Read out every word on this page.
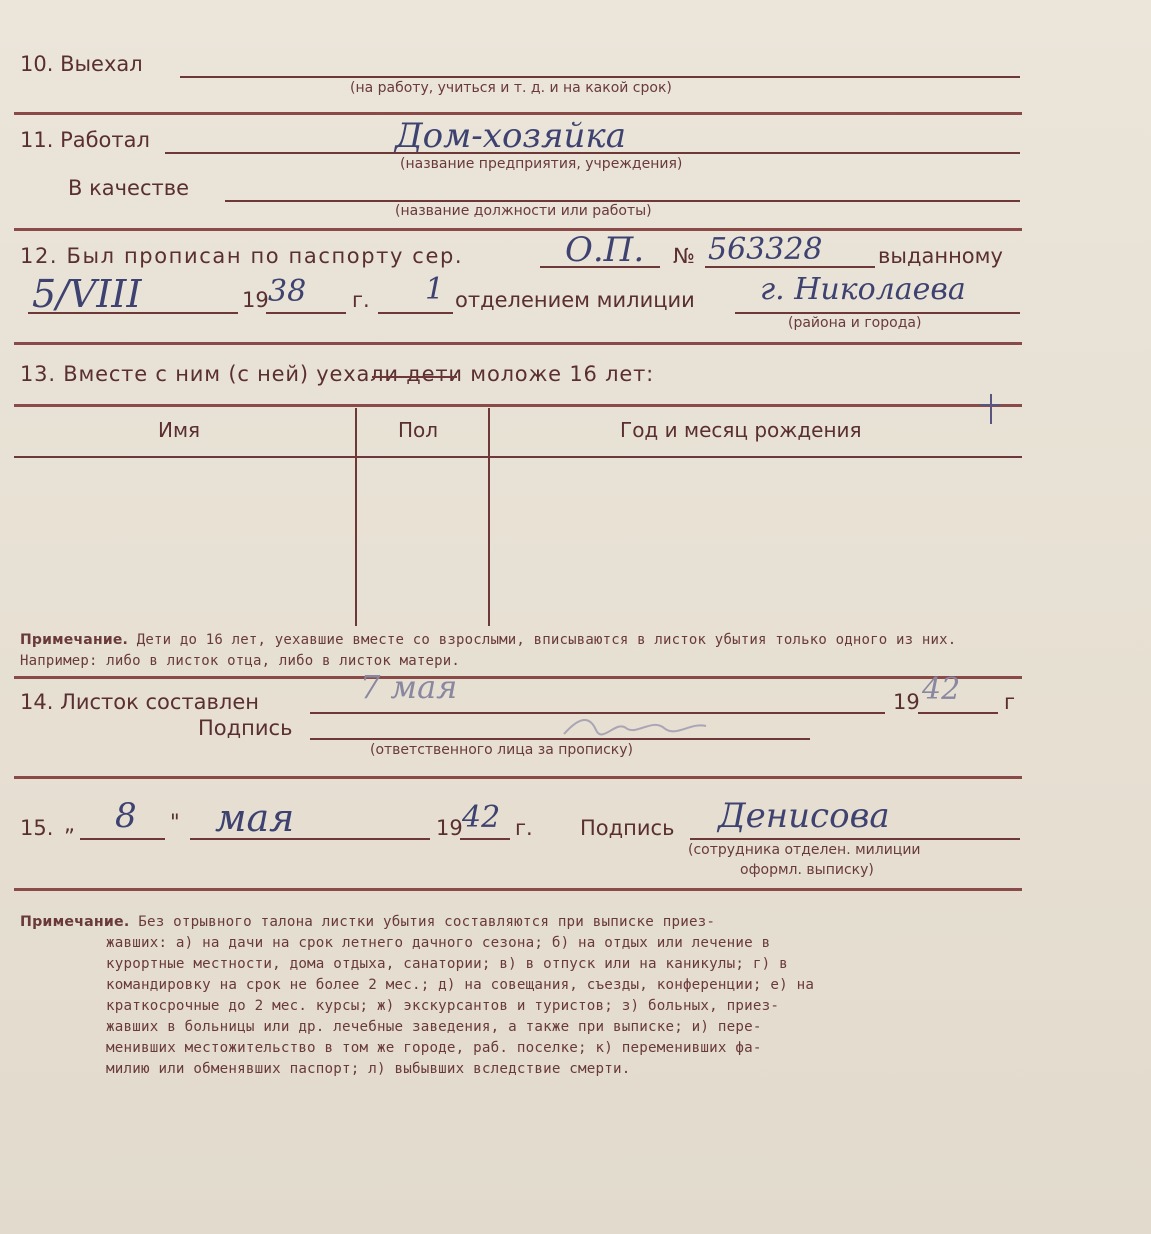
10. Выехал
(на работу, учиться и т. д. и на какой срок)
11. Работал	Дом-хозяйка
(название предприятия, учреждения)
В качестве
(название должности или работы)
12. Был прописан по паспорту сер.	О.П. № 563328	выданному
5/VIII	19 38 г. 1 отделением милиции г. Николаева
(района и города)
13. Вместе с ним (с ней) уехали дети моложе 16 лет:
Имя	Пол	Год и месяц рождения
Примечание. Дети до 16 лет, уехавшие вместе со взрослыми, вписываются в листок убытия только одного из них. Например: либо в листок отца, либо в листок матери.
14. Листок составлен	7 мая	19 42 г
Подпись
(ответственного лица за прописку)
15. „ 8 " мая	19 42 г. Подпись Денисова
(сотрудника отделен. милиции
оформл. выписку)
Примечание. Без отрывного талона листки убытия составляются при выписке приез-
жавших: а) на дачи на срок летнего дачного сезона; б) на отдых или лечение в
курортные местности, дома отдыха, санатории; в) в отпуск или на каникулы; г) в
командировку на срок не более 2 мес.; д) на совещания, съезды, конференции; е) на
краткосрочные до 2 мес. курсы; ж) экскурсантов и туристов; з) больных, приез-
жавших в больницы или др. лечебные заведения, а также при выписке; и) пере-
менивших местожительство в том же городе, раб. поселке; к) переменивших фа-
милию или обменявших паспорт; л) выбывших вследствие смерти.
